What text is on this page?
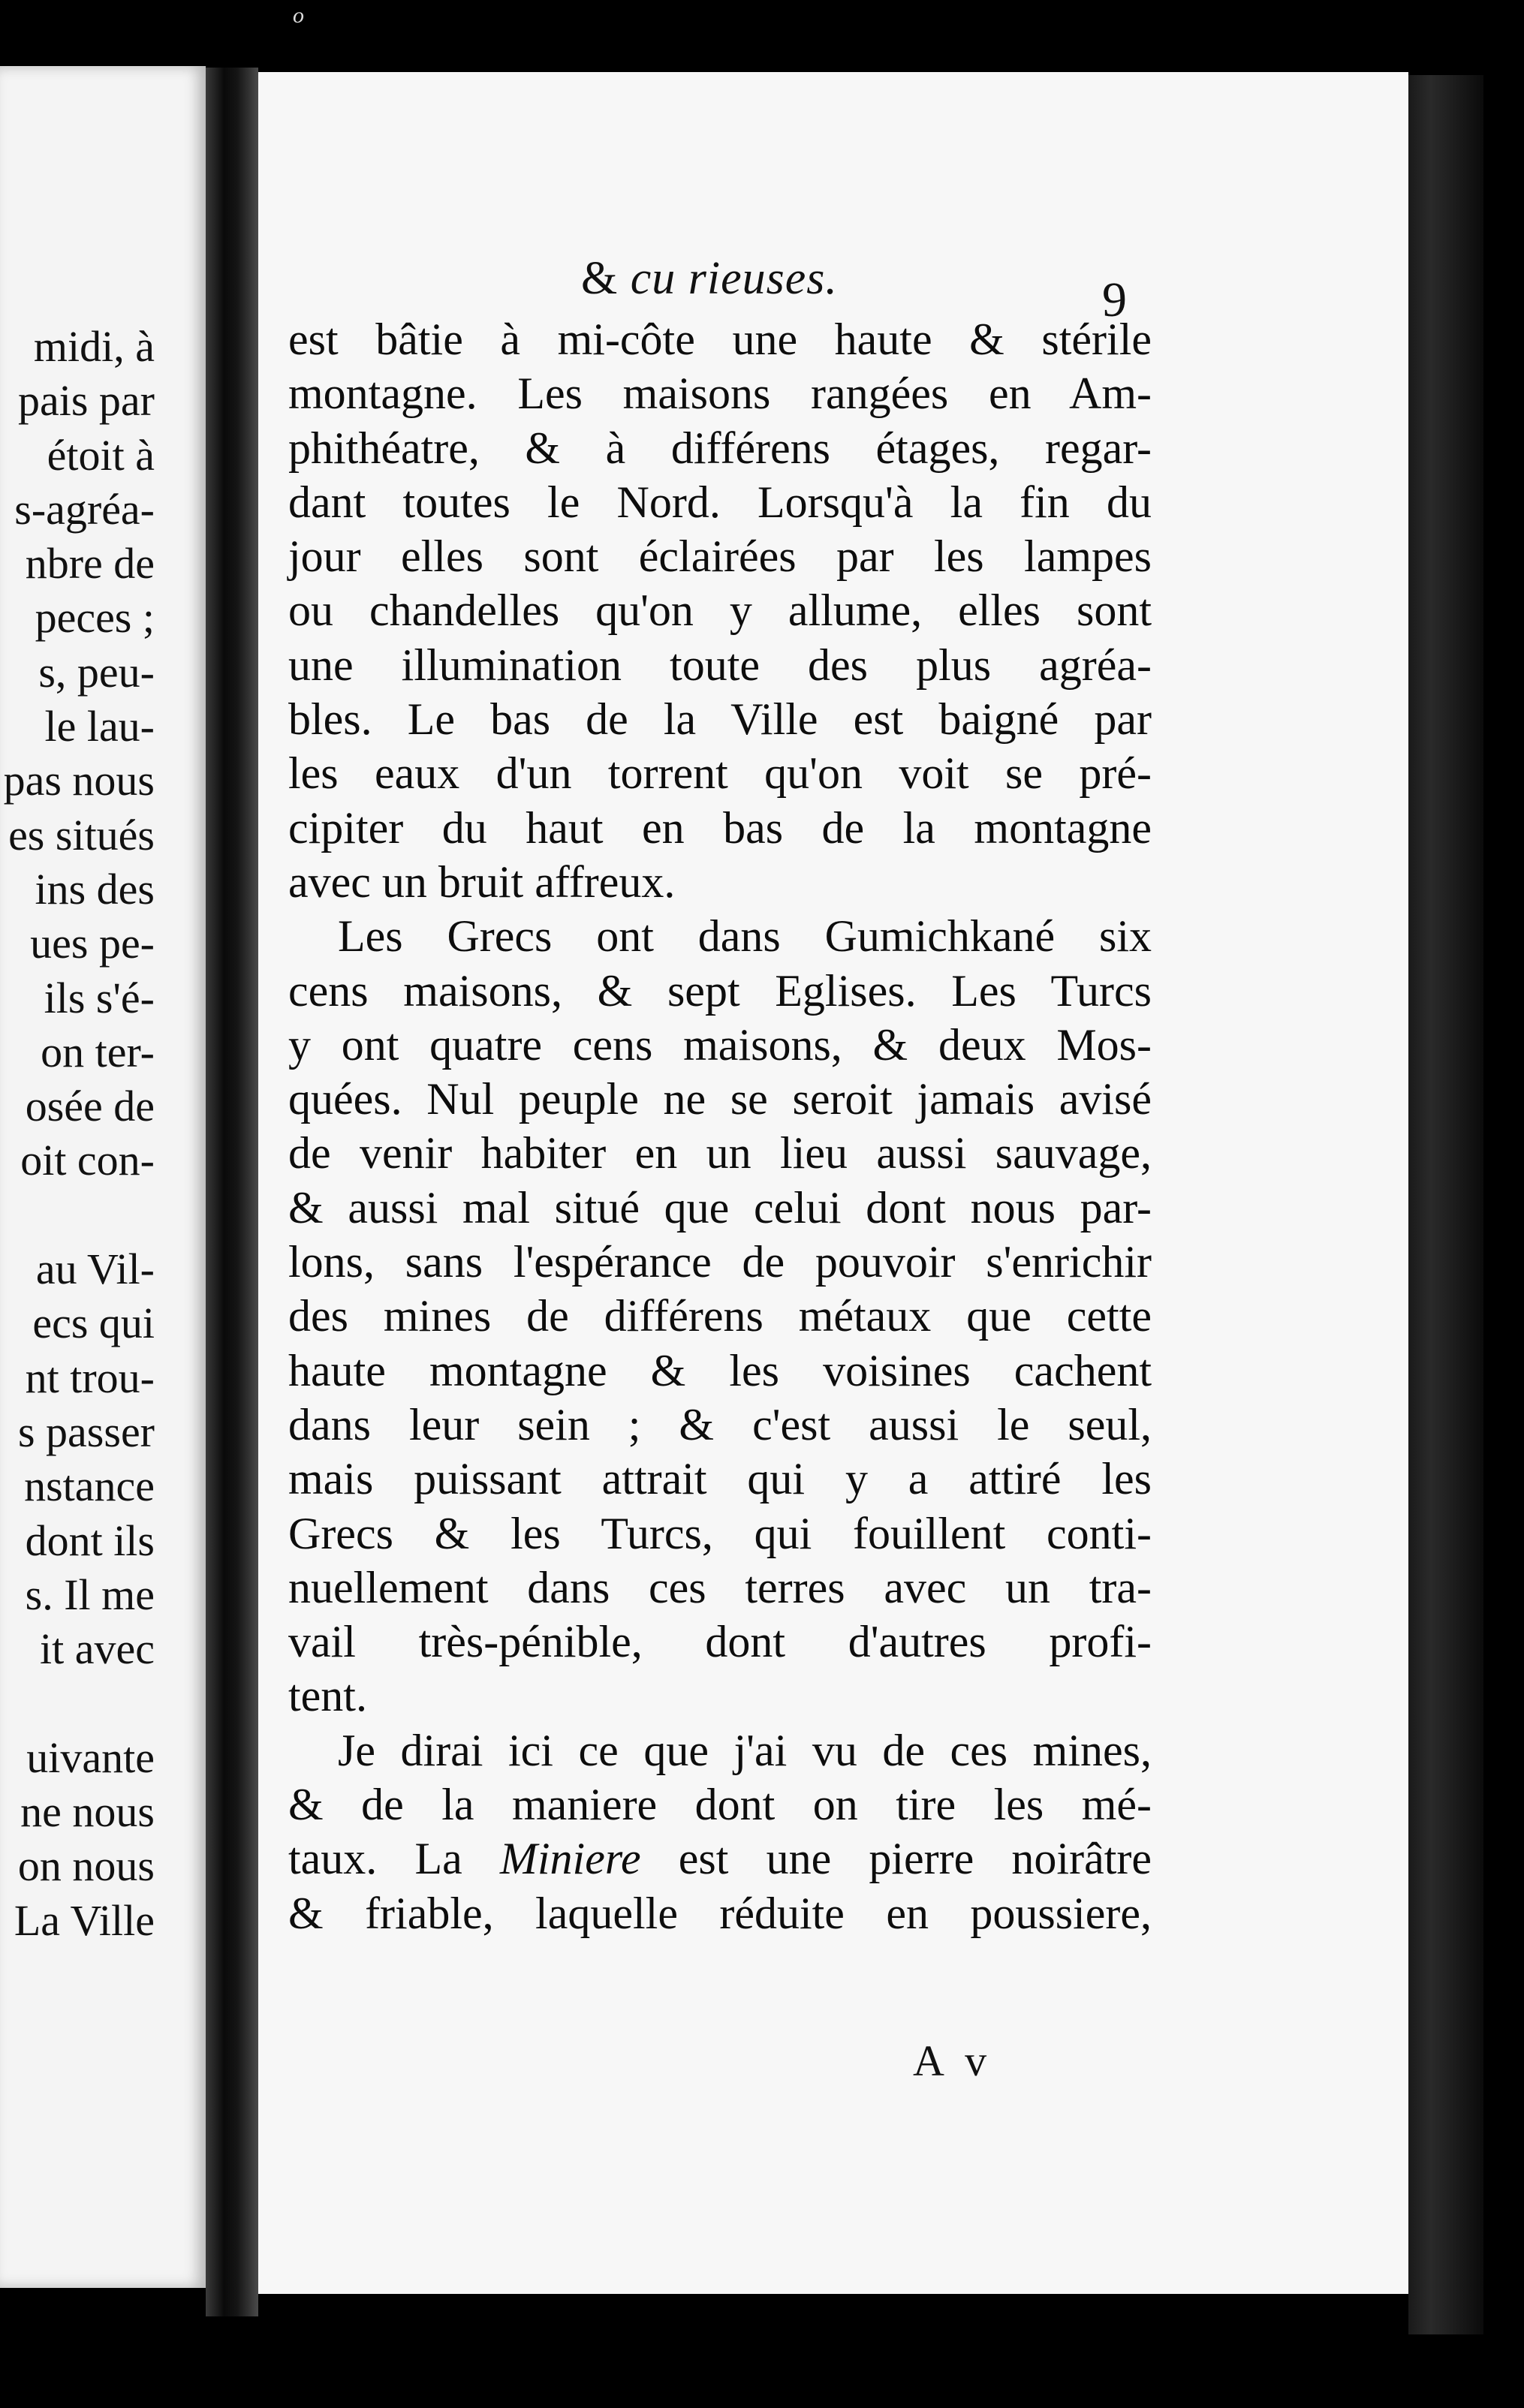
o
midi, à
pais par
étoit à
s-agréa-
nbre de
peces ;
s, peu-
le lau-
pas nous
es situés
ins des
ues pe-
ils s'é-
on ter-
osée de
oit con-
au Vil-
ecs qui
nt trou-
s passer
nstance
dont ils
s. Il me
it avec
uivante
ne nous
on nous
La Ville
& cu rieuses.	9
est bâtie à mi-côte une haute & stérile
montagne. Les maisons rangées en Am-
phithéatre, & à différens étages, regar-
dant toutes le Nord. Lorsqu'à la fin du
jour elles sont éclairées par les lampes
ou chandelles qu'on y allume, elles sont
une illumination toute des plus agréa-
bles. Le bas de la Ville est baigné par
les eaux d'un torrent qu'on voit se pré-
cipiter du haut en bas de la montagne
avec un bruit affreux.
Les Grecs ont dans Gumichkané six
cens maisons, & sept Eglises. Les Turcs
y ont quatre cens maisons, & deux Mos-
quées. Nul peuple ne se seroit jamais avisé
de venir habiter en un lieu aussi sauvage,
& aussi mal situé que celui dont nous par-
lons, sans l'espérance de pouvoir s'enrichir
des mines de différens métaux que cette
haute montagne & les voisines cachent
dans leur sein ; & c'est aussi le seul,
mais puissant attrait qui y a attiré les
Grecs & les Turcs, qui fouillent conti-
nuellement dans ces terres avec un tra-
vail très-pénible, dont d'autres profi-
tent.
Je dirai ici ce que j'ai vu de ces mines,
& de la maniere dont on tire les mé-
taux. La Miniere est une pierre noirâtre
& friable, laquelle réduite en poussiere,
A v
